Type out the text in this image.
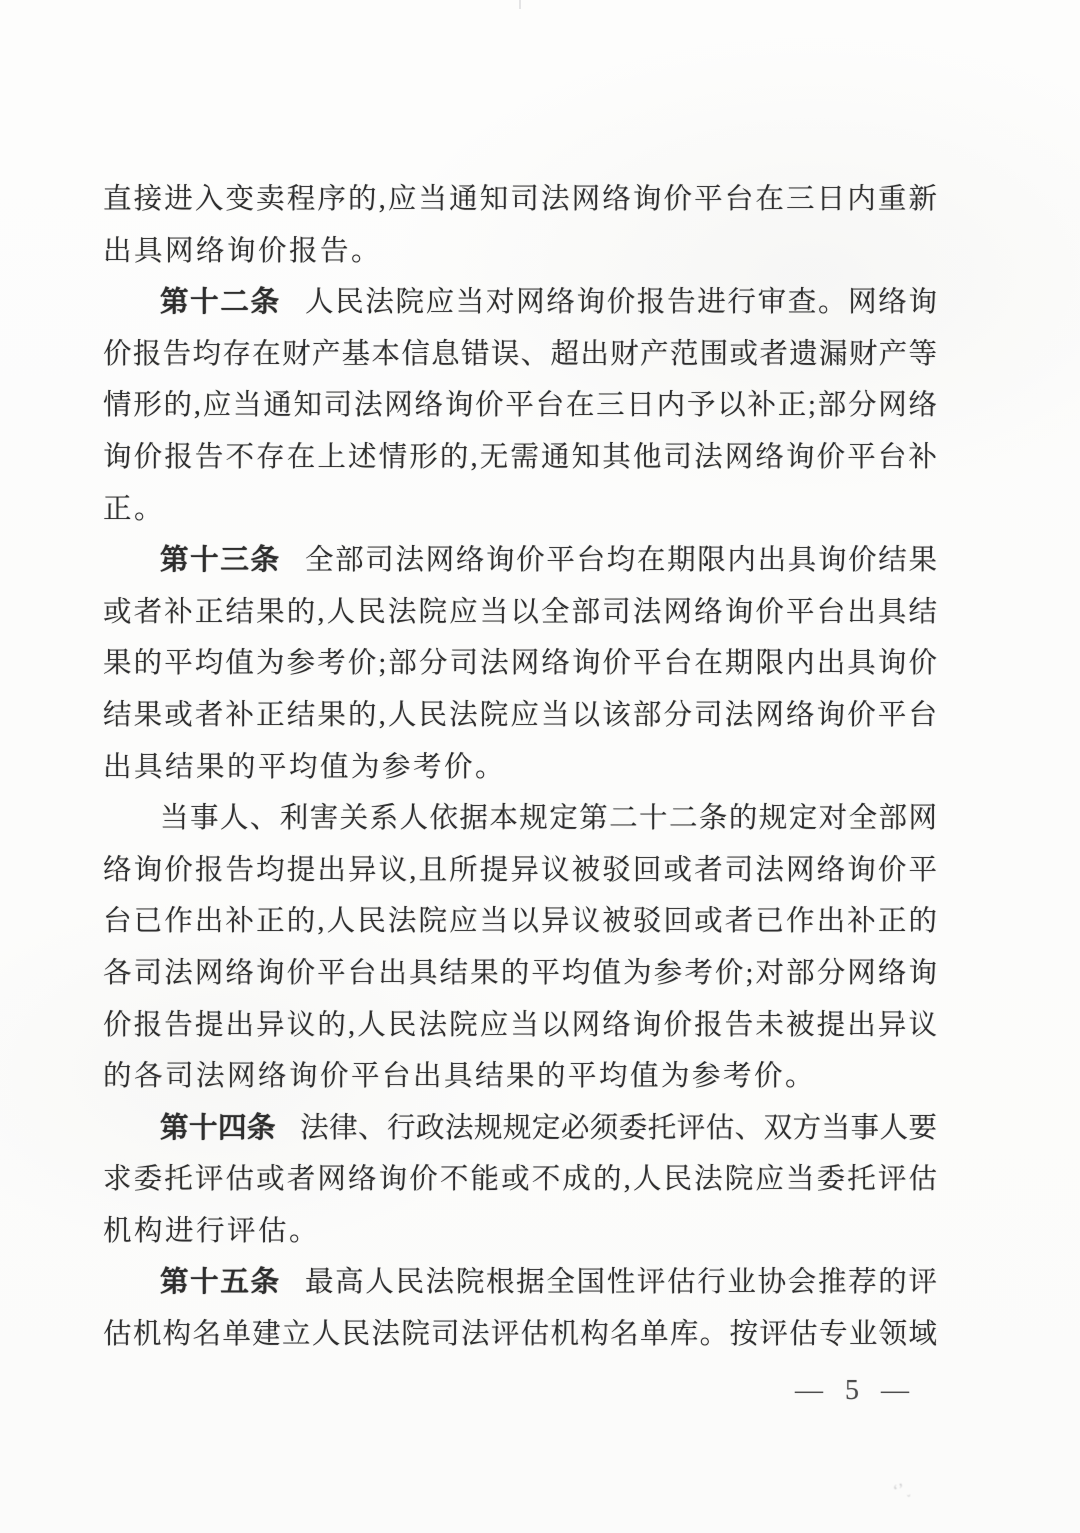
直接进入变卖程序的,应当通知司法网络询价平台在三日内重新
出具网络询价报告。
第十二条 人民法院应当对网络询价报告进行审查。网络询
价报告均存在财产基本信息错误、超出财产范围或者遗漏财产等
情形的,应当通知司法网络询价平台在三日内予以补正;部分网络
询价报告不存在上述情形的,无需通知其他司法网络询价平台补
正。
第十三条 全部司法网络询价平台均在期限内出具询价结果
或者补正结果的,人民法院应当以全部司法网络询价平台出具结
果的平均值为参考价;部分司法网络询价平台在期限内出具询价
结果或者补正结果的,人民法院应当以该部分司法网络询价平台
出具结果的平均值为参考价。
当事人、利害关系人依据本规定第二十二条的规定对全部网
络询价报告均提出异议,且所提异议被驳回或者司法网络询价平
台已作出补正的,人民法院应当以异议被驳回或者已作出补正的
各司法网络询价平台出具结果的平均值为参考价;对部分网络询
价报告提出异议的,人民法院应当以网络询价报告未被提出异议
的各司法网络询价平台出具结果的平均值为参考价。
第十四条 法律、行政法规规定必须委托评估、双方当事人要
求委托评估或者网络询价不能或不成的,人民法院应当委托评估
机构进行评估。
第十五条 最高人民法院根据全国性评估行业协会推荐的评
估机构名单建立人民法院司法评估机构名单库。按评估专业领域
— 5 —
ʻʼ˯
